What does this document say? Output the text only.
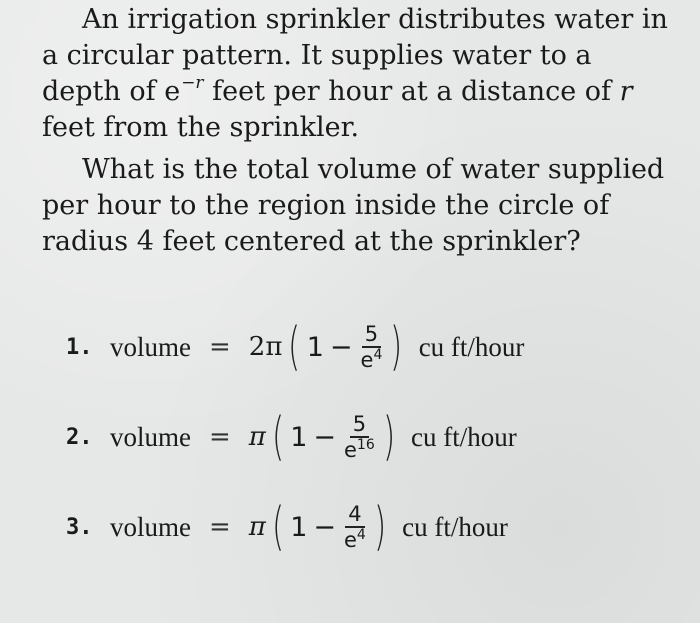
An irrigation sprinkler distributes water in a circular pattern. It supplies water to a depth of $e^{-r}$ feet per hour at a distance of r feet from the sprinkler.

What is the total volume of water supplied per hour to the region inside the circle of radius 4 feet centered at the sprinkler?

1. volume = 2π ( $1 - \frac{5}{e^4}$ ) cu ft/hour
2. volume = π ( $1 - \frac{5}{e^{16}}$ ) cu ft/hour
3. volume = π ( $1 - \frac{4}{e^4}$ ) cu ft/hour
